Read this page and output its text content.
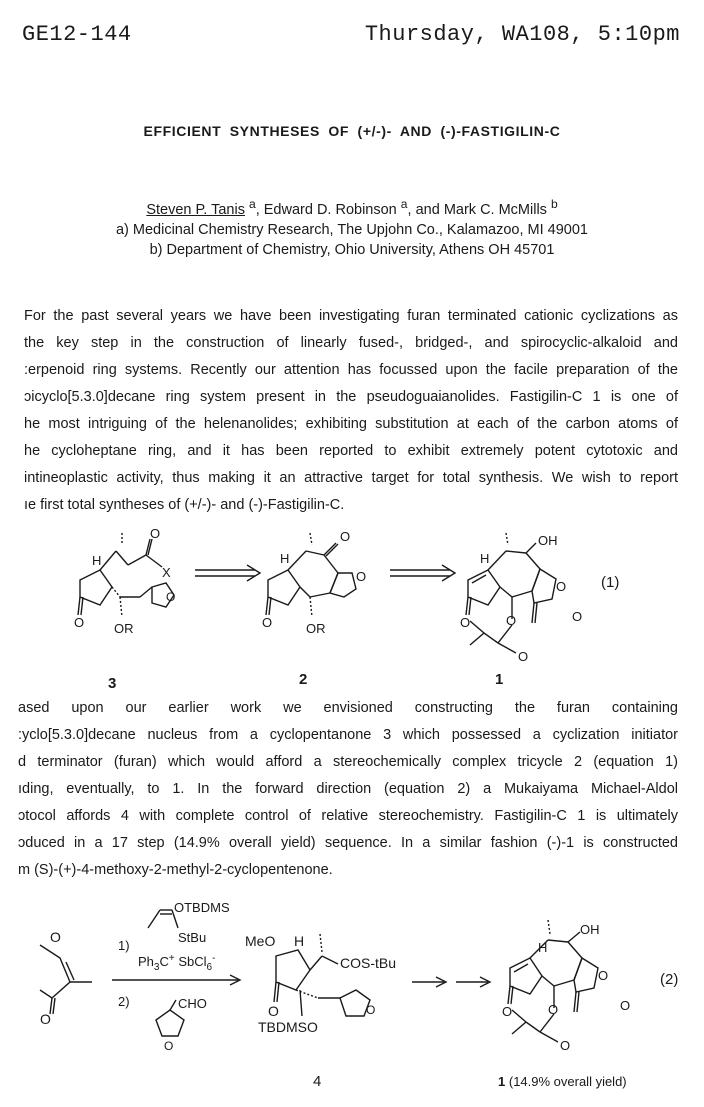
GE12-144	Thursday, WA108, 5:10pm
EFFICIENT SYNTHESES OF (+/-)- AND (-)-FASTIGILIN-C
Steven P. Tanis $^a$, Edward D. Robinson $^a$, and Mark C. McMills $^b$
a) Medicinal Chemistry Research, The Upjohn Co., Kalamazoo, MI 49001
b) Department of Chemistry, Ohio University, Athens OH 45701
For the past several years we have been investigating furan terminated cationic cyclizations as
the key step in the construction of linearly fused-, bridged-, and spirocyclic-alkaloid and
:erpenoid ring systems. Recently our attention has focussed upon the facile preparation of the
ɔicyclo[5.3.0]decane ring system present in the pseudoguaianolides. Fastigilin-C 1 is one of
he most intriguing of the helenanolides; exhibiting substitution at each of the carbon atoms of
he cycloheptane ring, and it has been reported to exhibit extremely potent cytotoxic and
intineoplastic activity, thus making it an attractive target for total synthesis. We wish to report
ıe first total syntheses of (+/-)- and (-)-Fastigilin-C.
H
O
X
O
O OR
H
O
O
O	OR
H
OH
O
O
O
O
O
(1)
3	2	1
ased upon our earlier work we envisioned constructing the furan containing
:yclo[5.3.0]decane nucleus from a cyclopentanone 3 which possessed a cyclization initiator
d terminator (furan) which would afford a stereochemically complex tricycle 2 (equation 1)
ıding, eventually, to 1. In the forward direction (equation 2) a Mukaiyama Michael-Aldol
ɔtocol affords 4 with complete control of relative stereochemistry. Fastigilin-C 1 is ultimately
ɔduced in a 17 step (14.9% overall yield) sequence. In a similar fashion (-)-1 is constructed
m (S)-(+)-4-methoxy-2-methyl-2-cyclopentenone.
O
O
1)
OTBDMS
StBu
$Ph_3C^+$ SbCl$_6$-
2)	CHO
O
MeO H
COS-tBu
O
O
TBDMSO
H
OH
O
O
O
O
O
(2)
4	1 (14.9% overall yield)
